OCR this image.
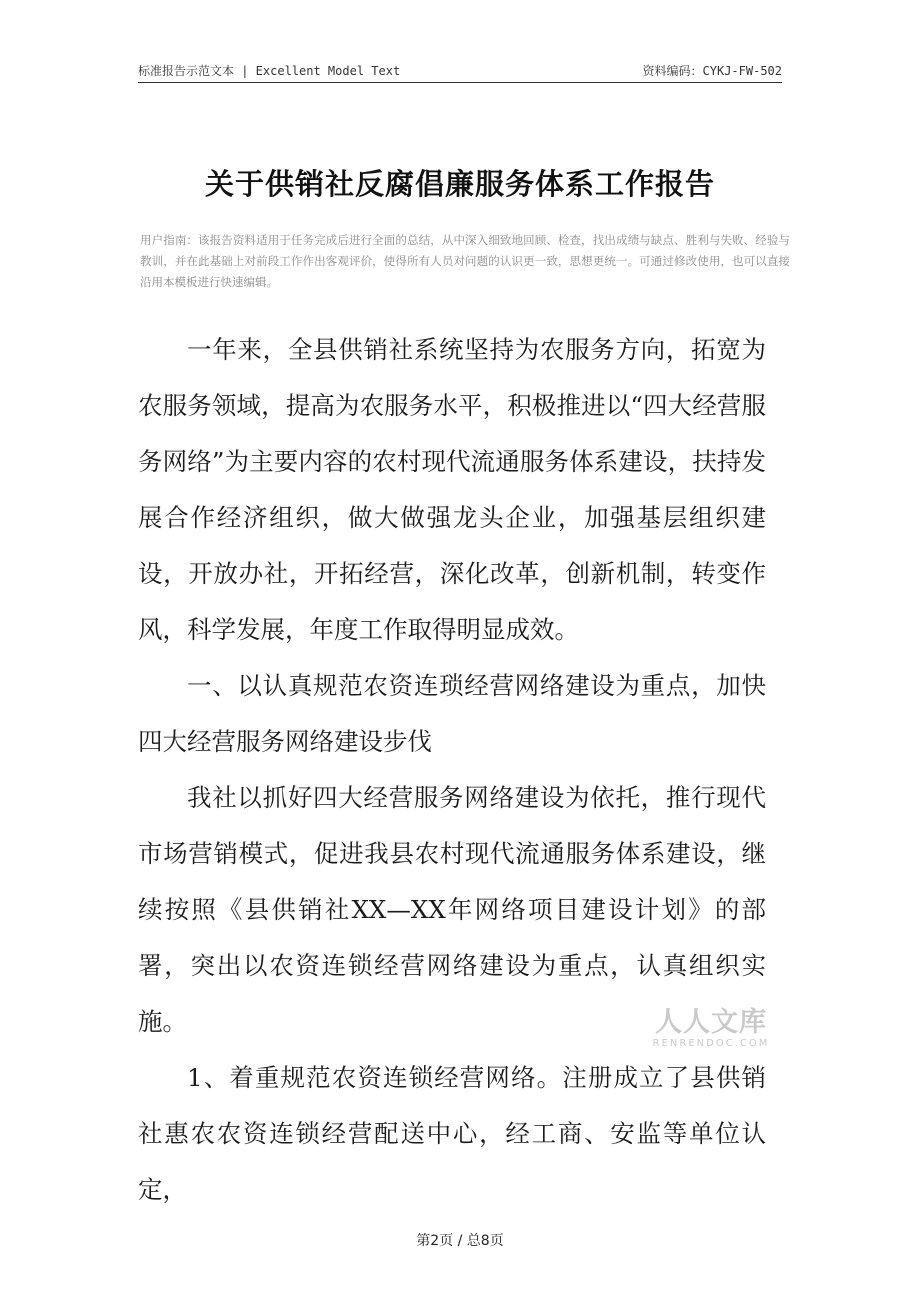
标准报告示范文本 | Excellent Model Text	资料编码：CYKJ-FW-502
关于供销社反腐倡廉服务体系工作报告
用户指南：该报告资料适用于任务完成后进行全面的总结，从中深入细致地回顾、检查，找出成绩与缺点、胜利与失败、经验与教训，并在此基础上对前段工作作出客观评价，使得所有人员对问题的认识更一致，思想更统一。可通过修改使用，也可以直接沿用本模板进行快速编辑。

一年来，全县供销社系统坚持为农服务方向，拓宽为农服务领域，提高为农服务水平，积极推进以“四大经营服务网络”为主要内容的农村现代流通服务体系建设，扶持发展合作经济组织，做大做强龙头企业，加强基层组织建设，开放办社，开拓经营，深化改革，创新机制，转变作风，科学发展，年度工作取得明显成效。

一、以认真规范农资连琐经营网络建设为重点，加快四大经营服务网络建设步伐

我社以抓好四大经营服务网络建设为依托，推行现代市场营销模式，促进我县农村现代流通服务体系建设，继续按照《县供销社XX—XX年网络项目建设计划》的部署，突出以农资连锁经营网络建设为重点，认真组织实施。

1、着重规范农资连锁经营网络。注册成立了县供销社惠农农资连锁经营配送中心，经工商、安监等单位认定，

人人文库
RENRENDOC.COM
第2页 / 总8页
